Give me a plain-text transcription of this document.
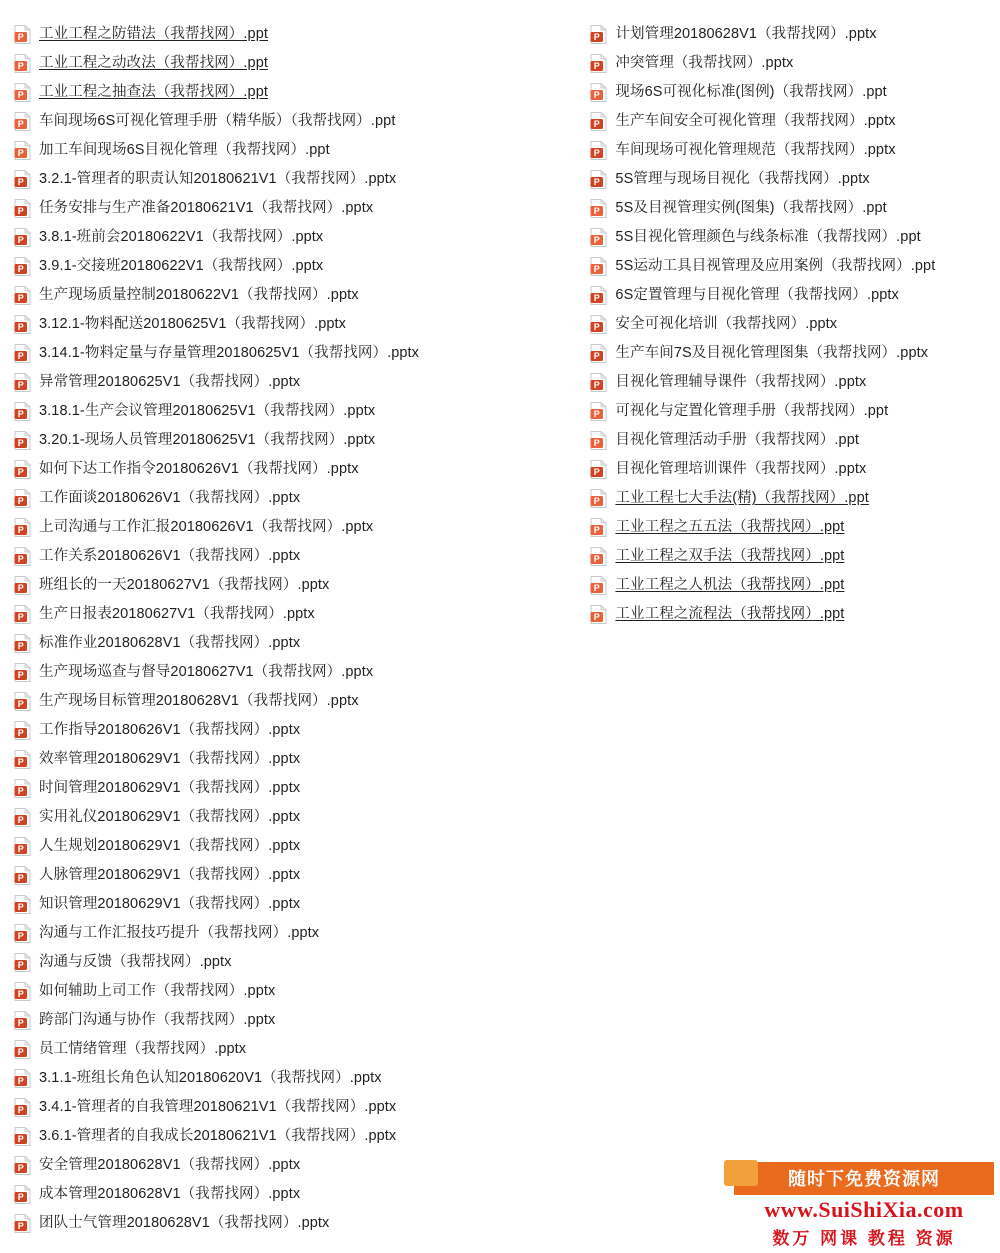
P 工业工程之防错法（我帮找网）.ppt
P 工业工程之动改法（我帮找网）.ppt
P 工业工程之抽查法（我帮找网）.ppt
P 车间现场6S可视化管理手册（精华版）（我帮找网）.ppt
P 加工车间现场6S目视化管理（我帮找网）.ppt
P 3.2.1-管理者的职责认知20180621V1（我帮找网）.pptx
P 任务安排与生产准备20180621V1（我帮找网）.pptx
P 3.8.1-班前会20180622V1（我帮找网）.pptx
P 3.9.1-交接班20180622V1（我帮找网）.pptx
P 生产现场质量控制20180622V1（我帮找网）.pptx
P 3.12.1-物料配送20180625V1（我帮找网）.pptx
P 3.14.1-物料定量与存量管理20180625V1（我帮找网）.pptx
P 异常管理20180625V1（我帮找网）.pptx
P 3.18.1-生产会议管理20180625V1（我帮找网）.pptx
P 3.20.1-现场人员管理20180625V1（我帮找网）.pptx
P 如何下达工作指令20180626V1（我帮找网）.pptx
P 工作面谈20180626V1（我帮找网）.pptx
P 上司沟通与工作汇报20180626V1（我帮找网）.pptx
P 工作关系20180626V1（我帮找网）.pptx
P 班组长的一天20180627V1（我帮找网）.pptx
P 生产日报表20180627V1（我帮找网）.pptx
P 标准作业20180628V1（我帮找网）.pptx
P 生产现场巡查与督导20180627V1（我帮找网）.pptx
P 生产现场目标管理20180628V1（我帮找网）.pptx
P 工作指导20180626V1（我帮找网）.pptx
P 效率管理20180629V1（我帮找网）.pptx
P 时间管理20180629V1（我帮找网）.pptx
P 实用礼仪20180629V1（我帮找网）.pptx
P 人生规划20180629V1（我帮找网）.pptx
P 人脉管理20180629V1（我帮找网）.pptx
P 知识管理20180629V1（我帮找网）.pptx
P 沟通与工作汇报技巧提升（我帮找网）.pptx
P 沟通与反馈（我帮找网）.pptx
P 如何辅助上司工作（我帮找网）.pptx
P 跨部门沟通与协作（我帮找网）.pptx
P 员工情绪管理（我帮找网）.pptx
P 3.1.1-班组长角色认知20180620V1（我帮找网）.pptx
P 3.4.1-管理者的自我管理20180621V1（我帮找网）.pptx
P 3.6.1-管理者的自我成长20180621V1（我帮找网）.pptx
P 安全管理20180628V1（我帮找网）.pptx
P 成本管理20180628V1（我帮找网）.pptx
P 团队士气管理20180628V1（我帮找网）.pptx
P 计划管理20180628V1（我帮找网）.pptx
P 冲突管理（我帮找网）.pptx
P 现场6S可视化标准(图例)（我帮找网）.ppt
P 生产车间安全可视化管理（我帮找网）.pptx
P 车间现场可视化管理规范（我帮找网）.pptx
P 5S管理与现场目视化（我帮找网）.pptx
P 5S及目视管理实例(图集)（我帮找网）.ppt
P 5S目视化管理颜色与线条标准（我帮找网）.ppt
P 5S运动工具目视管理及应用案例（我帮找网）.ppt
P 6S定置管理与目视化管理（我帮找网）.pptx
P 安全可视化培训（我帮找网）.pptx
P 生产车间7S及目视化管理图集（我帮找网）.pptx
P 目视化管理辅导课件（我帮找网）.pptx
P 可视化与定置化管理手册（我帮找网）.ppt
P 目视化管理活动手册（我帮找网）.ppt
P 目视化管理培训课件（我帮找网）.pptx
P 工业工程七大手法(精)（我帮找网）.ppt
P 工业工程之五五法（我帮找网）.ppt
P 工业工程之双手法（我帮找网）.ppt
P 工业工程之人机法（我帮找网）.ppt
P 工业工程之流程法（我帮找网）.ppt
随时下免费资源网
www.SuiShiXia.com
数万 网课 教程 资源
